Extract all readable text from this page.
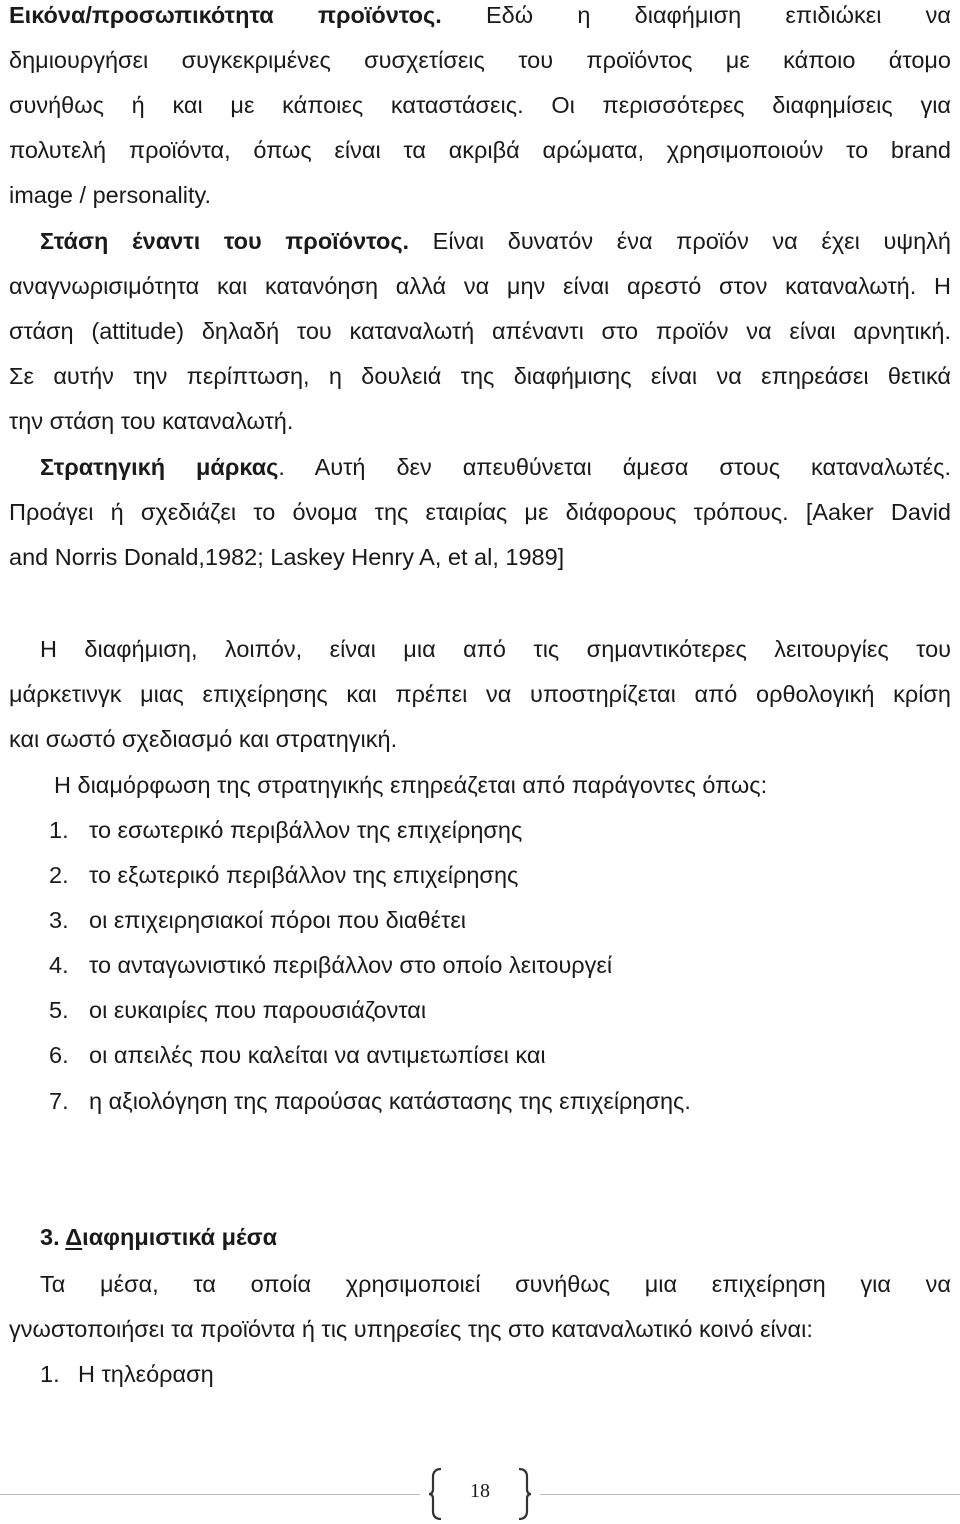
Εικόνα/προσωπικότητα προϊόντος. Εδώ η διαφήμιση επιδιώκει να
δημιουργήσει συγκεκριμένες συσχετίσεις του προϊόντος με κάποιο άτομο
συνήθως ή και με κάποιες καταστάσεις. Οι περισσότερες διαφημίσεις για
πολυτελή προϊόντα, όπως είναι τα ακριβά αρώματα, χρησιμοποιούν το brand
image / personality.
Στάση έναντι του προϊόντος. Είναι δυνατόν ένα προϊόν να έχει υψηλή
αναγνωρισιμότητα και κατανόηση αλλά να μην είναι αρεστό στον καταναλωτή. Η
στάση (attitude) δηλαδή του καταναλωτή απέναντι στο προϊόν να είναι αρνητική.
Σε αυτήν την περίπτωση, η δουλειά της διαφήμισης είναι να επηρεάσει θετικά
την στάση του καταναλωτή.
Στρατηγική μάρκας. Αυτή δεν απευθύνεται άμεσα στους καταναλωτές.
Προάγει ή σχεδιάζει το όνομα της εταιρίας με διάφορους τρόπους. [Aaker David
and Norris Donald,1982; Laskey Henry A, et al, 1989]
Η διαφήμιση, λοιπόν, είναι μια από τις σημαντικότερες λειτουργίες του
μάρκετινγκ μιας επιχείρησης και πρέπει να υποστηρίζεται από ορθολογική κρίση
και σωστό σχεδιασμό και στρατηγική.
Η διαμόρφωση της στρατηγικής επηρεάζεται από παράγοντες όπως:
1. το εσωτερικό περιβάλλον της επιχείρησης
2. το εξωτερικό περιβάλλον της επιχείρησης
3. οι επιχειρησιακοί πόροι που διαθέτει
4. το ανταγωνιστικό περιβάλλον στο οποίο λειτουργεί
5. οι ευκαιρίες που παρουσιάζονται
6. οι απειλές που καλείται να αντιμετωπίσει και
7. η αξιολόγηση της παρούσας κατάστασης της επιχείρησης.
3. Διαφημιστικά μέσα
Τα μέσα, τα οποία χρησιμοποιεί συνήθως μια επιχείρηση για να
γνωστοποιήσει τα προϊόντα ή τις υπηρεσίες της στο καταναλωτικό κοινό είναι:
1. Η τηλεόραση
18
